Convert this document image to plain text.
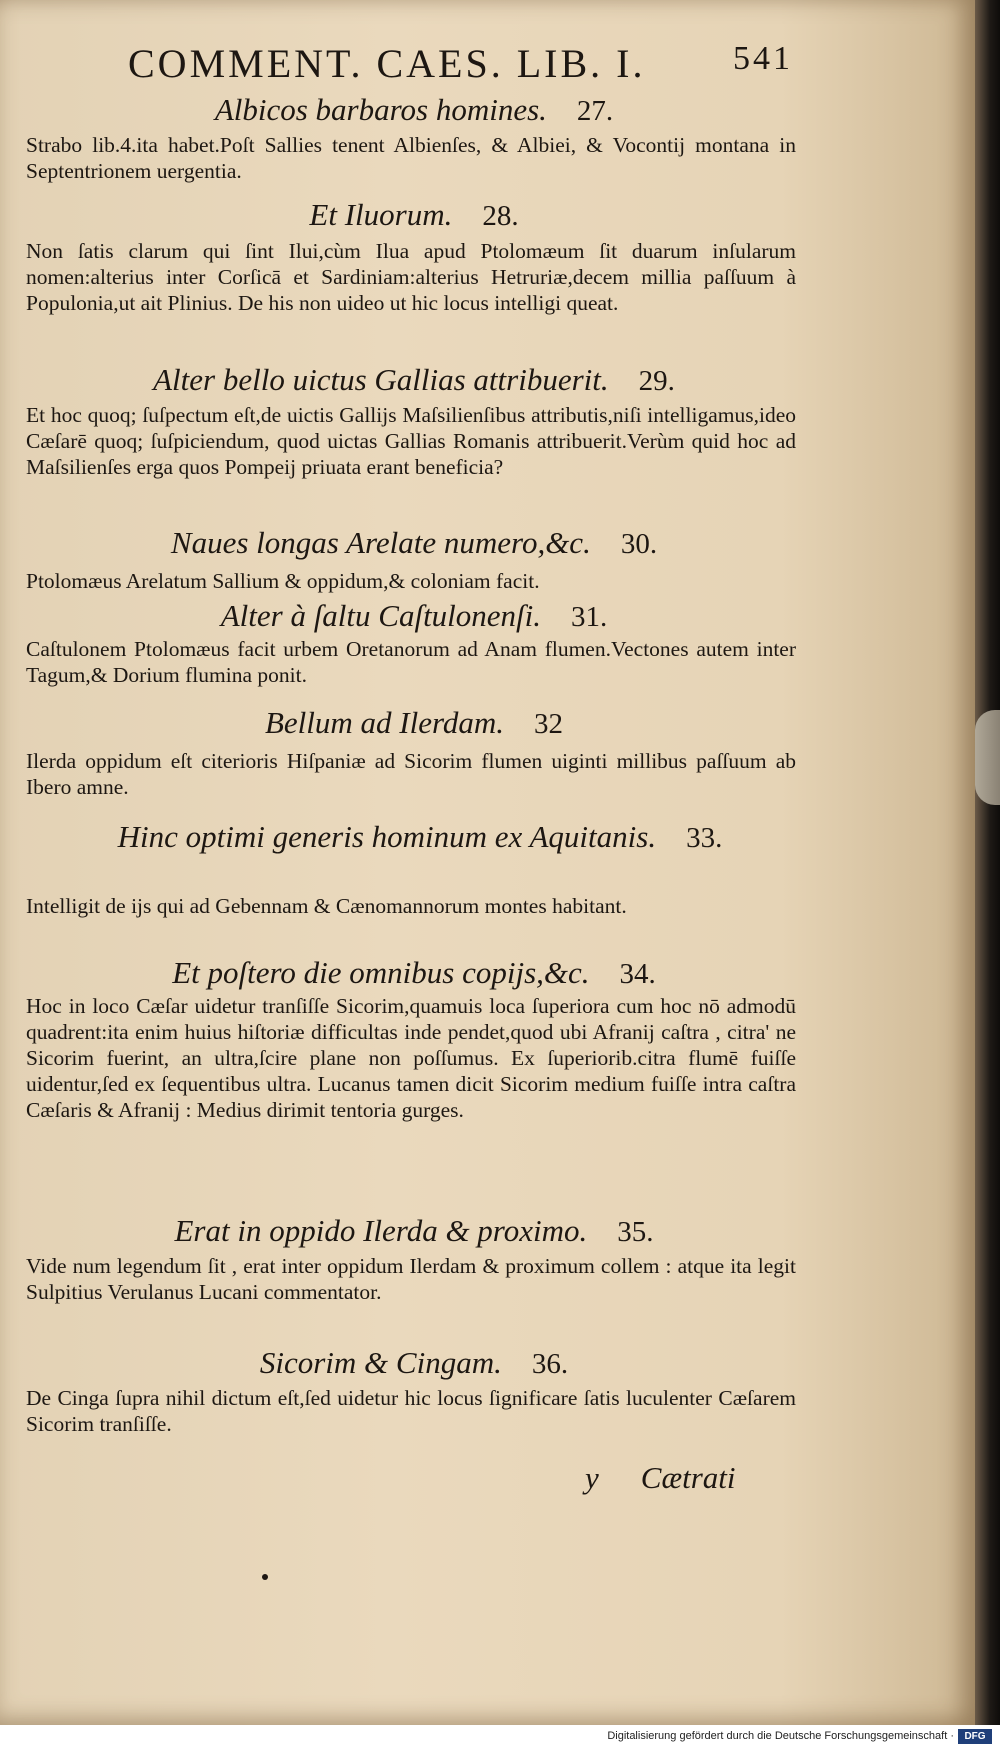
COMMENT. CAES. LIB. I.	541
Albicos barbaros homines. 27.
Strabo lib.4.ita habet.Poſt Sallies tenent Albienſes, & Albiei, & Vocontij montana in Septentrionem uergentia.
Et Iluorum. 28.
Non ſatis clarum qui ſint Ilui,cùm Ilua apud Ptolomæum ſit duarum inſularum nomen:alterius inter Corſicā et Sardiniam:alterius Hetruriæ,decem millia paſſuum à Populonia,ut ait Plinius. De his non uideo ut hic locus intelligi queat.
Alter bello uictus Gallias attribuerit. 29.
Et hoc quoq; ſuſpectum eſt,de uictis Gallijs Maſsilienſibus attributis,niſi intelligamus,ideo Cæſarē quoq; ſuſpiciendum, quod uictas Gallias Romanis attribuerit.Verùm quid hoc ad Maſsilienſes erga quos Pompeij priuata erant beneficia?
Naues longas Arelate numero,&c. 30.
Ptolomæus Arelatum Sallium & oppidum,& coloniam facit.
Alter à ſaltu Caſtulonenſi. 31.
Caſtulonem Ptolomæus facit urbem Oretanorum ad Anam flumen.Vectones autem inter Tagum,& Dorium flumina ponit.
Bellum ad Ilerdam. 32
Ilerda oppidum eſt citerioris Hiſpaniæ ad Sicorim flumen uiginti millibus paſſuum ab Ibero amne.
Hinc optimi generis hominum ex Aquitanis. 33.
Intelligit de ijs qui ad Gebennam & Cænomannorum montes habitant.
Et poſtero die omnibus copijs,&c. 34.
Hoc in loco Cæſar uidetur tranſiſſe Sicorim,quamuis loca ſuperiora cum hoc nō admodū quadrent:ita enim huius hiſtoriæ difficultas inde pendet,quod ubi Afranij caſtra , citra' ne Sicorim fuerint, an ultra,ſcire plane non poſſumus. Ex ſuperiorib.citra flumē fuiſſe uidentur,ſed ex ſequentibus ultra. Lucanus tamen dicit Sicorim medium fuiſſe intra caſtra Cæſaris & Afranij : Medius dirimit tentoria gurges.
Erat in oppido Ilerda & proximo. 35.
Vide num legendum ſit , erat inter oppidum Ilerdam & proximum collem : atque ita legit Sulpitius Verulanus Lucani commentator.
Sicorim & Cingam. 36.
De Cinga ſupra nihil dictum eſt,ſed uidetur hic locus ſignificare ſatis luculenter Cæſarem Sicorim tranſiſſe.
y Cætrati
Digitalisierung gefördert durch die Deutsche Forschungsgemeinschaft ·	DFG
